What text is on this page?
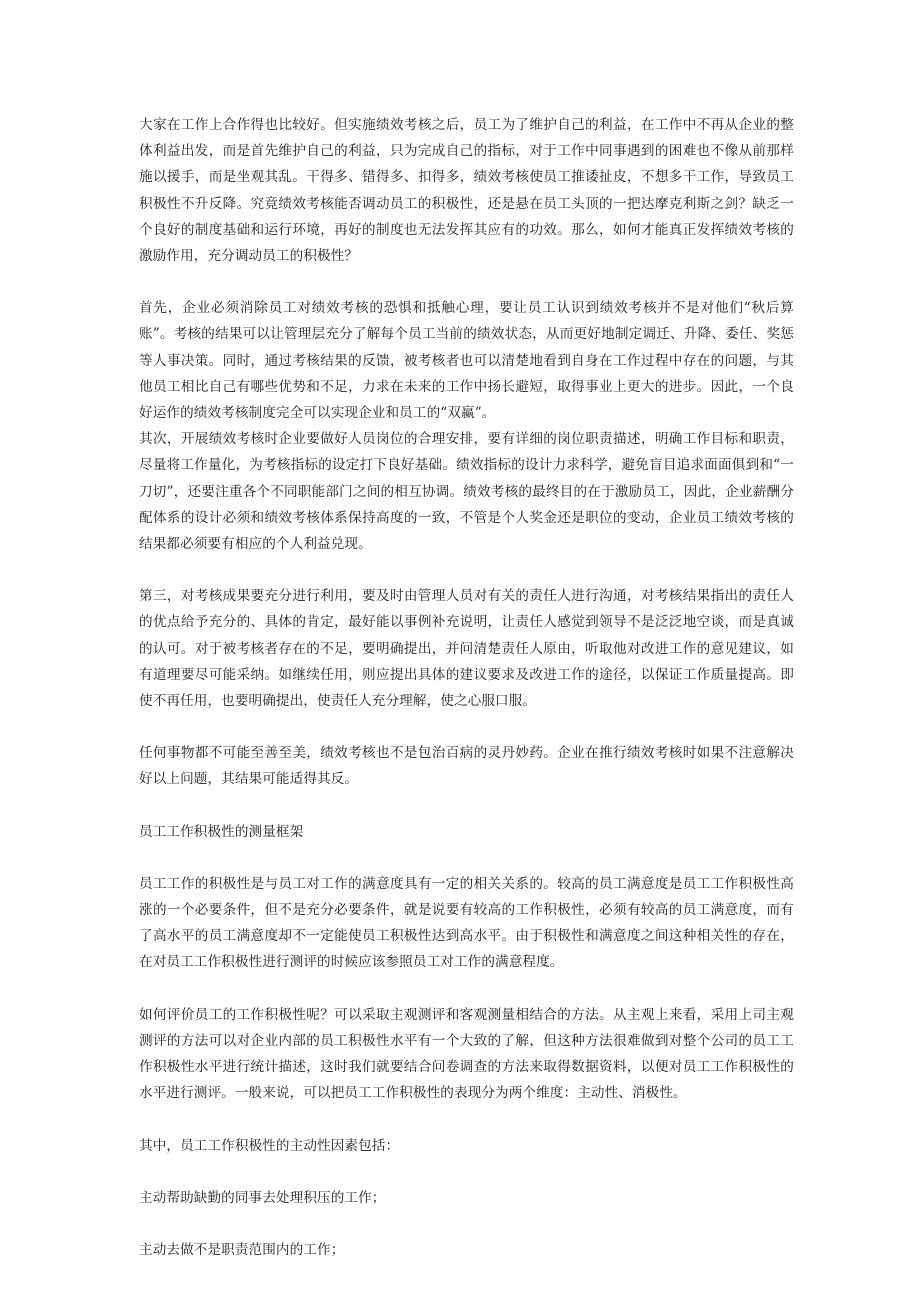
大家在工作上合作得也比较好。但实施绩效考核之后，员工为了维护自己的利益，在工作中不再从企业的整体利益出发，而是首先维护自己的利益，只为完成自己的指标，对于工作中同事遇到的困难也不像从前那样施以援手，而是坐观其乱。干得多、错得多、扣得多，绩效考核使员工推诿扯皮，不想多干工作，导致员工积极性不升反降。究竟绩效考核能否调动员工的积极性，还是悬在员工头顶的一把达摩克利斯之剑？缺乏一个良好的制度基础和运行环境，再好的制度也无法发挥其应有的功效。那么，如何才能真正发挥绩效考核的激励作用，充分调动员工的积极性？

首先，企业必须消除员工对绩效考核的恐惧和抵触心理，要让员工认识到绩效考核并不是对他们“秋后算账”。考核的结果可以让管理层充分了解每个员工当前的绩效状态，从而更好地制定调迁、升降、委任、奖惩等人事决策。同时，通过考核结果的反馈，被考核者也可以清楚地看到自身在工作过程中存在的问题，与其他员工相比自己有哪些优势和不足，力求在未来的工作中扬长避短，取得事业上更大的进步。因此，一个良好运作的绩效考核制度完全可以实现企业和员工的“双赢”。

其次，开展绩效考核时企业要做好人员岗位的合理安排，要有详细的岗位职责描述，明确工作目标和职责，尽量将工作量化，为考核指标的设定打下良好基础。绩效指标的设计力求科学，避免盲目追求面面俱到和“一刀切”，还要注重各个不同职能部门之间的相互协调。绩效考核的最终目的在于激励员工，因此，企业薪酬分配体系的设计必须和绩效考核体系保持高度的一致，不管是个人奖金还是职位的变动，企业员工绩效考核的结果都必须要有相应的个人利益兑现。

第三，对考核成果要充分进行利用，要及时由管理人员对有关的责任人进行沟通，对考核结果指出的责任人的优点给予充分的、具体的肯定，最好能以事例补充说明，让责任人感觉到领导不是泛泛地空谈，而是真诚的认可。对于被考核者存在的不足，要明确提出，并问清楚责任人原由，听取他对改进工作的意见建议，如有道理要尽可能采纳。如继续任用，则应提出具体的建议要求及改进工作的途径，以保证工作质量提高。即使不再任用，也要明确提出，使责任人充分理解，使之心服口服。

任何事物都不可能至善至美，绩效考核也不是包治百病的灵丹妙药。企业在推行绩效考核时如果不注意解决好以上问题，其结果可能适得其反。

员工工作积极性的测量框架

员工工作的积极性是与员工对工作的满意度具有一定的相关关系的。较高的员工满意度是员工工作积极性高涨的一个必要条件，但不是充分必要条件，就是说要有较高的工作积极性，必须有较高的员工满意度，而有了高水平的员工满意度却不一定能使员工积极性达到高水平。由于积极性和满意度之间这种相关性的存在，在对员工工作积极性进行测评的时候应该参照员工对工作的满意程度。

如何评价员工的工作积极性呢？可以采取主观测评和客观测量相结合的方法。从主观上来看，采用上司主观测评的方法可以对企业内部的员工积极性水平有一个大致的了解，但这种方法很难做到对整个公司的员工工作积极性水平进行统计描述，这时我们就要结合问卷调查的方法来取得数据资料，以便对员工工作积极性的水平进行测评。一般来说，可以把员工工作积极性的表现分为两个维度：主动性、消极性。

其中，员工工作积极性的主动性因素包括：

主动帮助缺勤的同事去处理积压的工作；

主动去做不是职责范围内的工作；
